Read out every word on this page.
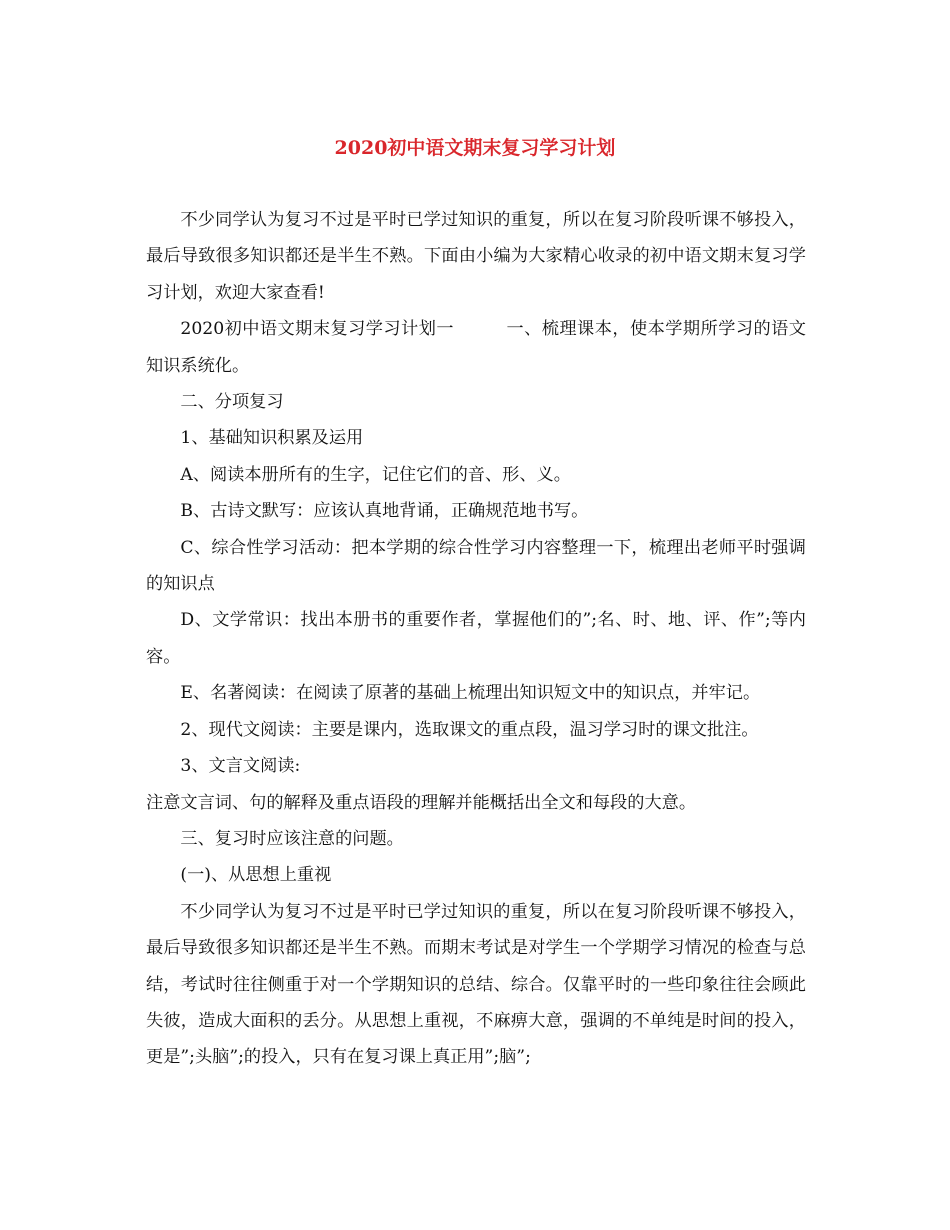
2020初中语文期末复习学习计划

不少同学认为复习不过是平时已学过知识的重复，所以在复习阶段听课不够投入，最后导致很多知识都还是半生不熟。下面由小编为大家精心收录的初中语文期末复习学习计划，欢迎大家查看!

2020初中语文期末复习学习计划一	一、梳理课本，使本学期所学习的语文知识系统化。

二、分项复习

1、基础知识积累及运用

A、阅读本册所有的生字，记住它们的音、形、义。

B、古诗文默写：应该认真地背诵，正确规范地书写。

C、综合性学习活动：把本学期的综合性学习内容整理一下，梳理出老师平时强调的知识点

D、文学常识：找出本册书的重要作者，掌握他们的”;名、时、地、评、作”;等内容。

E、名著阅读：在阅读了原著的基础上梳理出知识短文中的知识点，并牢记。

2、现代文阅读：主要是课内，选取课文的重点段，温习学习时的课文批注。

3、文言文阅读:

注意文言词、句的解释及重点语段的理解并能概括出全文和每段的大意。

三、复习时应该注意的问题。

(一)、从思想上重视

不少同学认为复习不过是平时已学过知识的重复，所以在复习阶段听课不够投入，最后导致很多知识都还是半生不熟。而期末考试是对学生一个学期学习情况的检查与总结，考试时往往侧重于对一个学期知识的总结、综合。仅靠平时的一些印象往往会顾此失彼，造成大面积的丢分。从思想上重视，不麻痹大意，强调的不单纯是时间的投入，更是”;头脑”;的投入，只有在复习课上真正用”;脑”;
